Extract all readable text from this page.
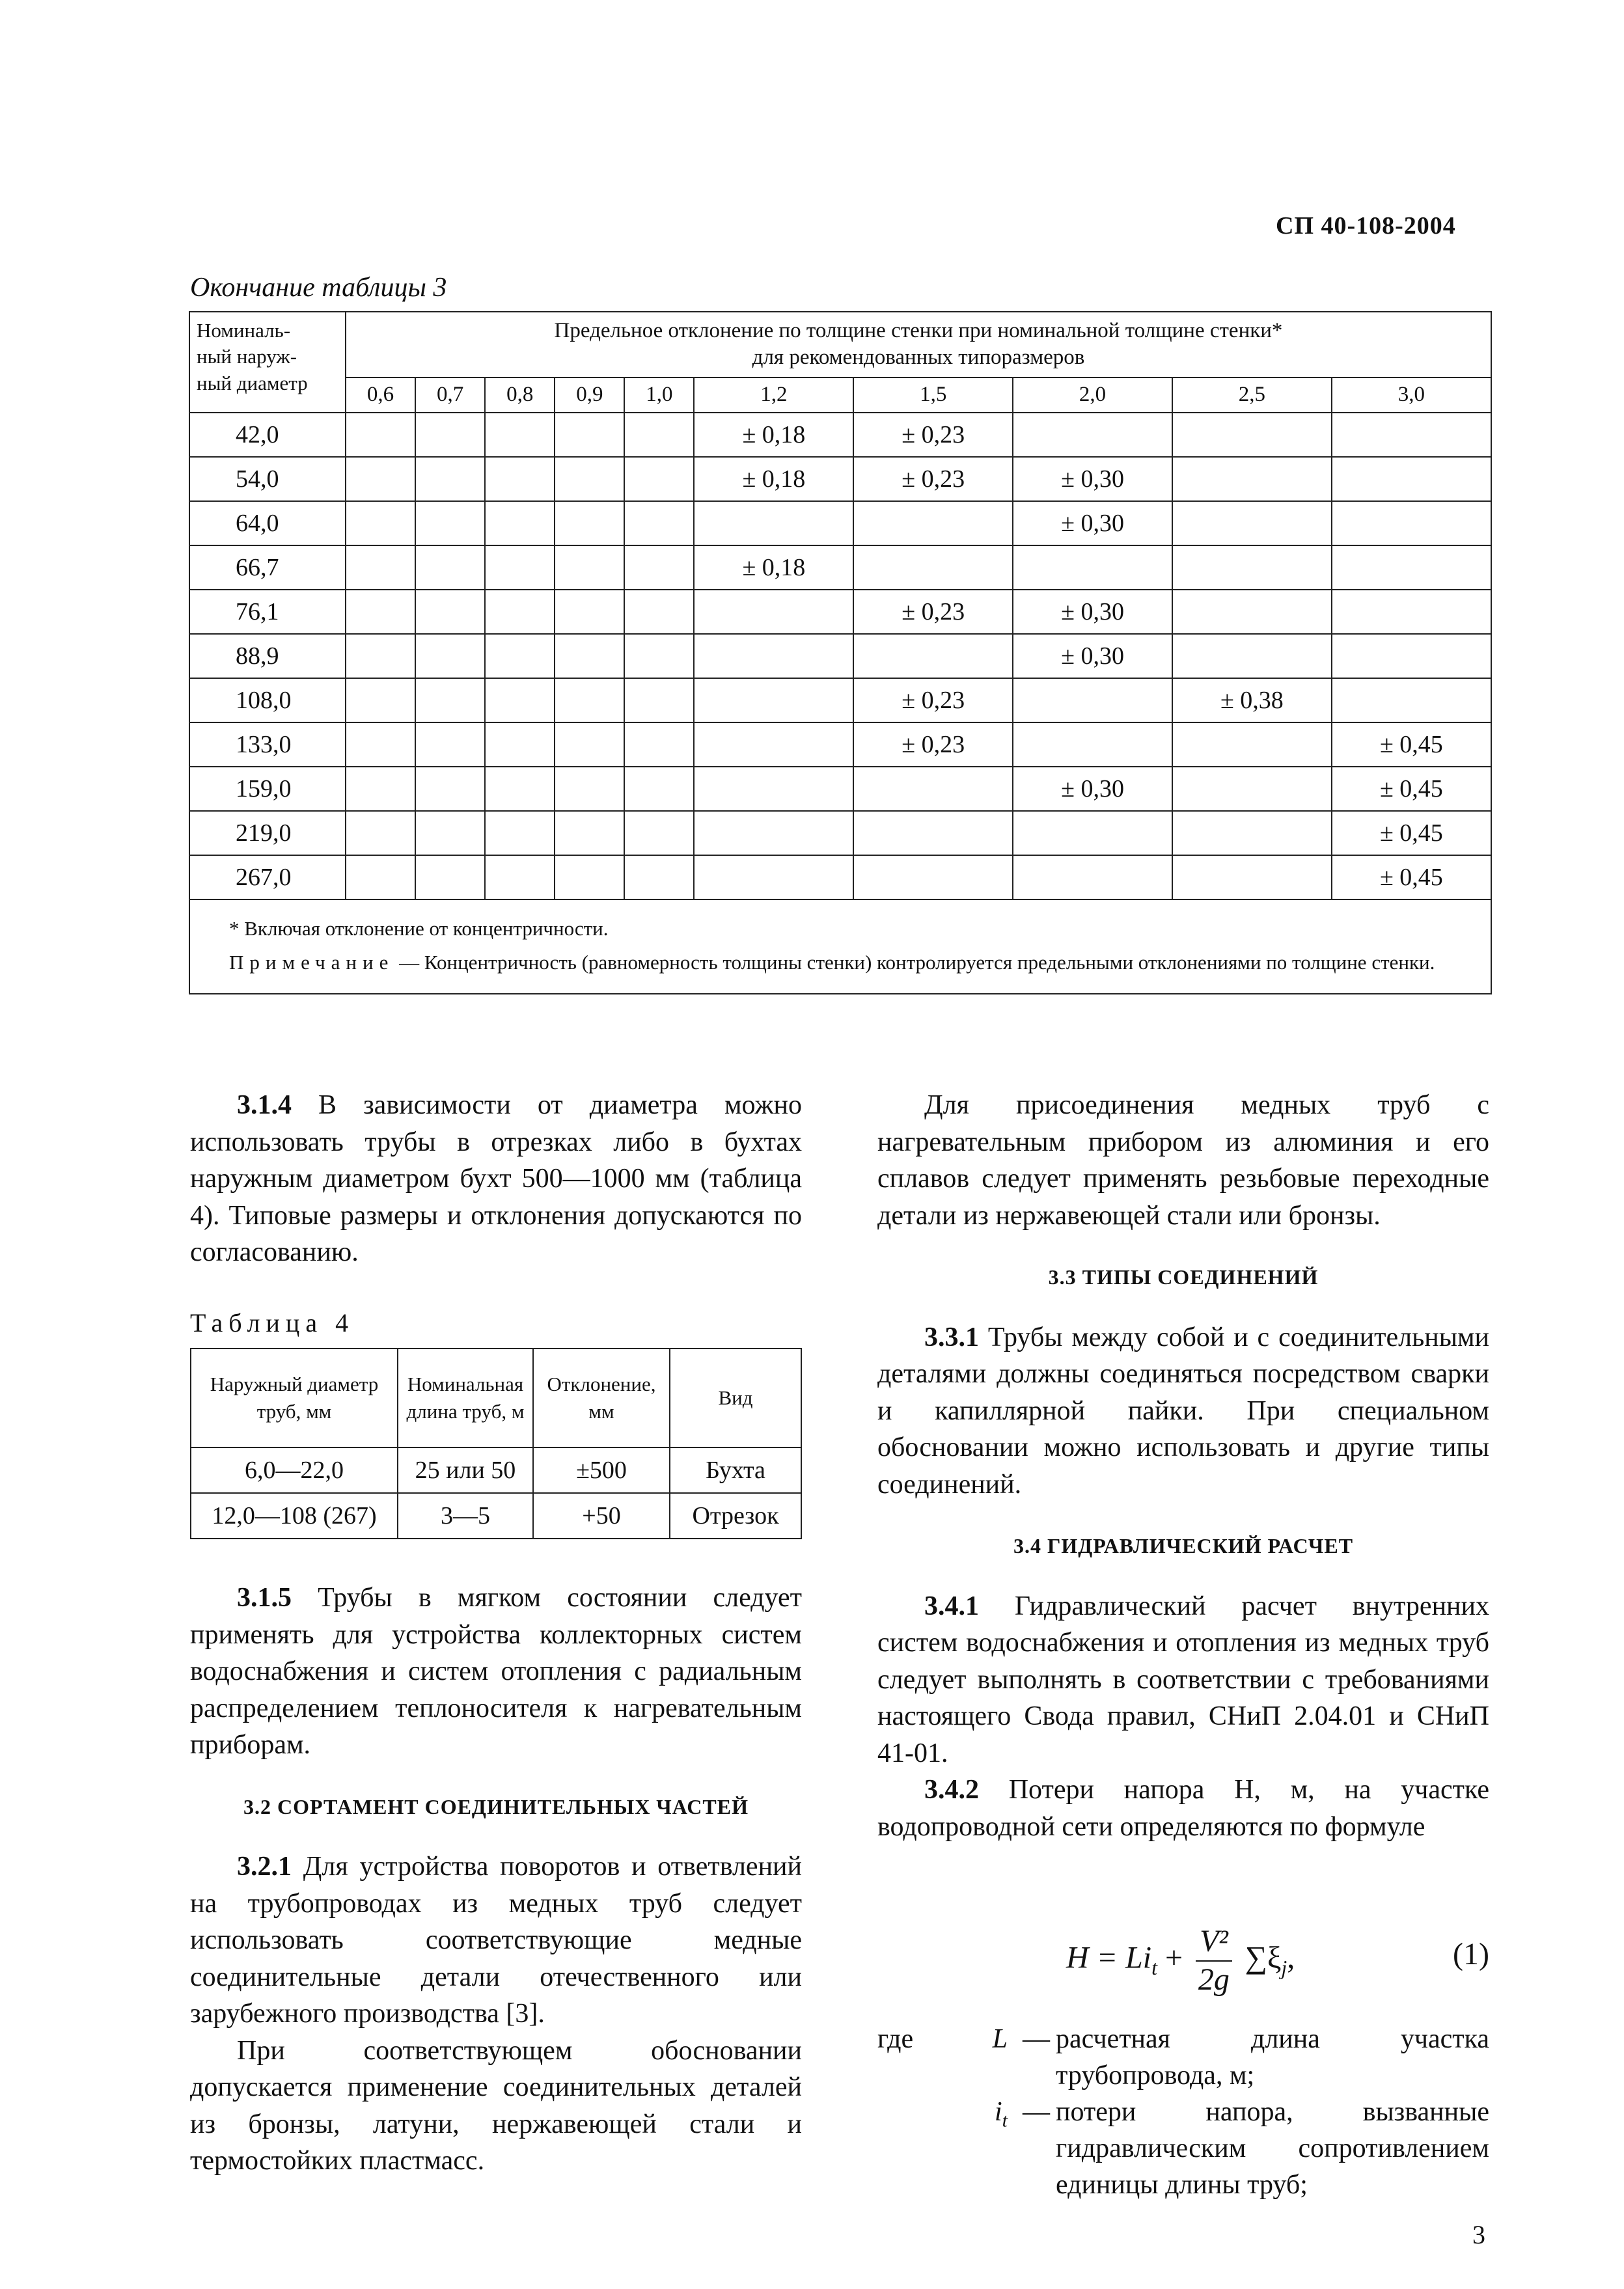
СП 40-108-2004
Окончание таблицы 3
Номиналь-
ный наруж-
ный диаметр	Предельное отклонение по толщине стенки при номинальной толщине стенки*
для рекомендованных типоразмеров									
	0,6	0,7	0,8	0,9	1,0	1,2	1,5	2,0	2,5	3,0
42,0						± 0,18	± 0,23			
54,0						± 0,18	± 0,23	± 0,30		
64,0								± 0,30		
66,7						± 0,18				
76,1							± 0,23	± 0,30		
88,9								± 0,30		
108,0							± 0,23		± 0,38	
133,0							± 0,23			± 0,45
159,0								± 0,30		± 0,45
219,0										± 0,45
267,0										± 0,45

* Включая отклонение от концентричности.
Примечание — Концентричность (равномерность толщины стенки) контролируется предельными отклонениями по толщине стенки.										

3.1.4 В зависимости от диаметра можно использовать трубы в отрезках либо в бухтах наружным диаметром бухт 500—1000 мм (таблица 4). Типовые размеры и отклонения допускаются по согласованию.

Таблица 4
Наружный диаметр труб, мм	Номинальная длина труб, м	Отклонение, мм	Вид
6,0—22,0	25 или 50	±500	Бухта
12,0—108 (267)	3—5	+50	Отрезок

3.1.5 Трубы в мягком состоянии следует применять для устройства коллекторных систем водоснабжения и систем отопления с радиальным распределением теплоносителя к нагревательным приборам.

3.2 СОРТАМЕНТ СОЕДИНИТЕЛЬНЫХ ЧАСТЕЙ

3.2.1 Для устройства поворотов и ответвлений на трубопроводах из медных труб следует использовать соответствующие медные соединительные детали отечественного или зарубежного производства [3].

При соответствующем обосновании допускается применение соединительных деталей из бронзы, латуни, нержавеющей стали и термостойких пластмасс.

Для присоединения медных труб с нагревательным прибором из алюминия и его сплавов следует применять резьбовые переходные детали из нержавеющей стали или бронзы.

3.3 ТИПЫ СОЕДИНЕНИЙ

3.3.1 Трубы между собой и с соединительными деталями должны соединяться посредством сварки и капиллярной пайки. При специальном обосновании можно использовать и другие типы соединений.

3.4 ГИДРАВЛИЧЕСКИЙ РАСЧЕТ

3.4.1 Гидравлический расчет внутренних систем водоснабжения и отопления из медных труб следует выполнять в соответствии с требованиями настоящего Свода правил, СНиП 2.04.01 и СНиП 41-01.

3.4.2 Потери напора H, м, на участке водопроводной сети определяются по формуле

$H = Li_t + \frac{\text{V²}}{2g} \sum\xi_j$,	(1)
где	L — расчетная длина участка трубопровода, м;
$i_t$ — потери напора, вызванные гидравлическим сопротивлением единицы длины труб;
3
